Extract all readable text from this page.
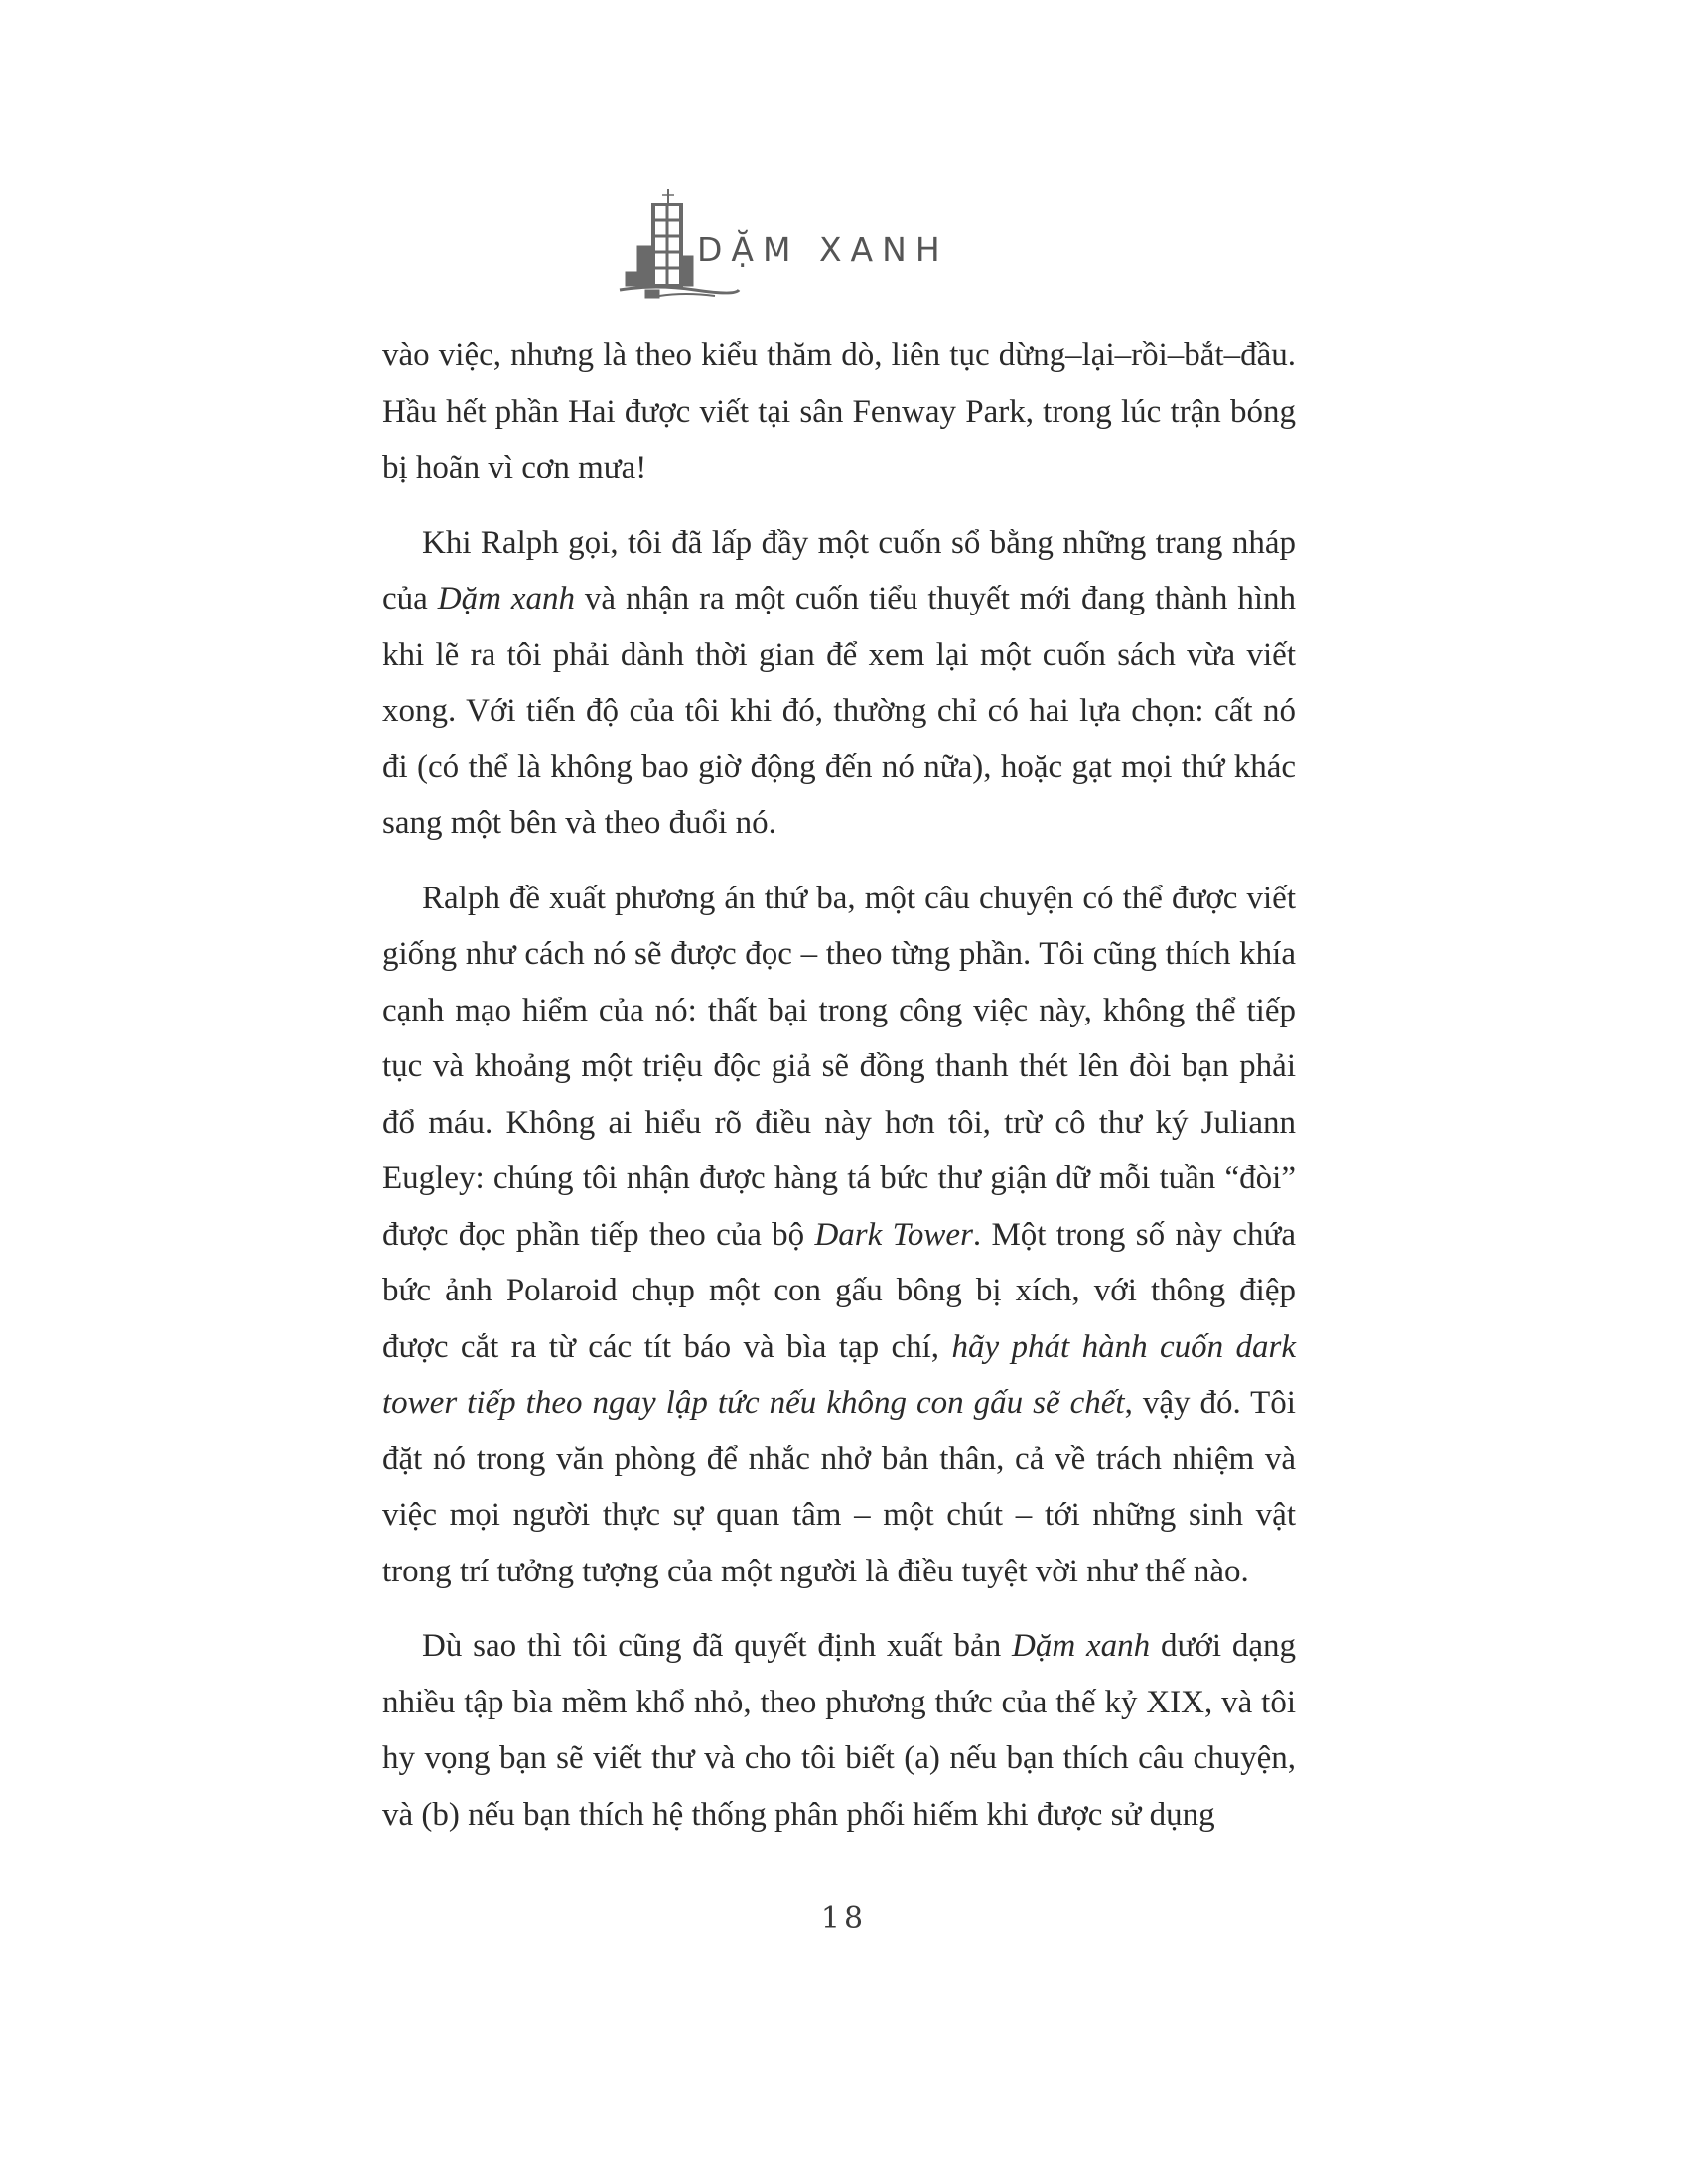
DẶM XANH

vào việc, nhưng là theo kiểu thăm dò, liên tục dừng–lại–rồi–bắt–đầu. Hầu hết phần Hai được viết tại sân Fenway Park, trong lúc trận bóng bị hoãn vì cơn mưa!

Khi Ralph gọi, tôi đã lấp đầy một cuốn sổ bằng những trang nháp của Dặm xanh và nhận ra một cuốn tiểu thuyết mới đang thành hình khi lẽ ra tôi phải dành thời gian để xem lại một cuốn sách vừa viết xong. Với tiến độ của tôi khi đó, thường chỉ có hai lựa chọn: cất nó đi (có thể là không bao giờ động đến nó nữa), hoặc gạt mọi thứ khác sang một bên và theo đuổi nó.

Ralph đề xuất phương án thứ ba, một câu chuyện có thể được viết giống như cách nó sẽ được đọc – theo từng phần. Tôi cũng thích khía cạnh mạo hiểm của nó: thất bại trong công việc này, không thể tiếp tục và khoảng một triệu độc giả sẽ đồng thanh thét lên đòi bạn phải đổ máu. Không ai hiểu rõ điều này hơn tôi, trừ cô thư ký Juliann Eugley: chúng tôi nhận được hàng tá bức thư giận dữ mỗi tuần “đòi” được đọc phần tiếp theo của bộ Dark Tower. Một trong số này chứa bức ảnh Polaroid chụp một con gấu bông bị xích, với thông điệp được cắt ra từ các tít báo và bìa tạp chí, hãy phát hành cuốn dark tower tiếp theo ngay lập tức nếu không con gấu sẽ chết, vậy đó. Tôi đặt nó trong văn phòng để nhắc nhở bản thân, cả về trách nhiệm và việc mọi người thực sự quan tâm – một chút – tới những sinh vật trong trí tưởng tượng của một người là điều tuyệt vời như thế nào.

Dù sao thì tôi cũng đã quyết định xuất bản Dặm xanh dưới dạng nhiều tập bìa mềm khổ nhỏ, theo phương thức của thế kỷ XIX, và tôi hy vọng bạn sẽ viết thư và cho tôi biết (a) nếu bạn thích câu chuyện, và (b) nếu bạn thích hệ thống phân phối hiếm khi được sử dụng

18
